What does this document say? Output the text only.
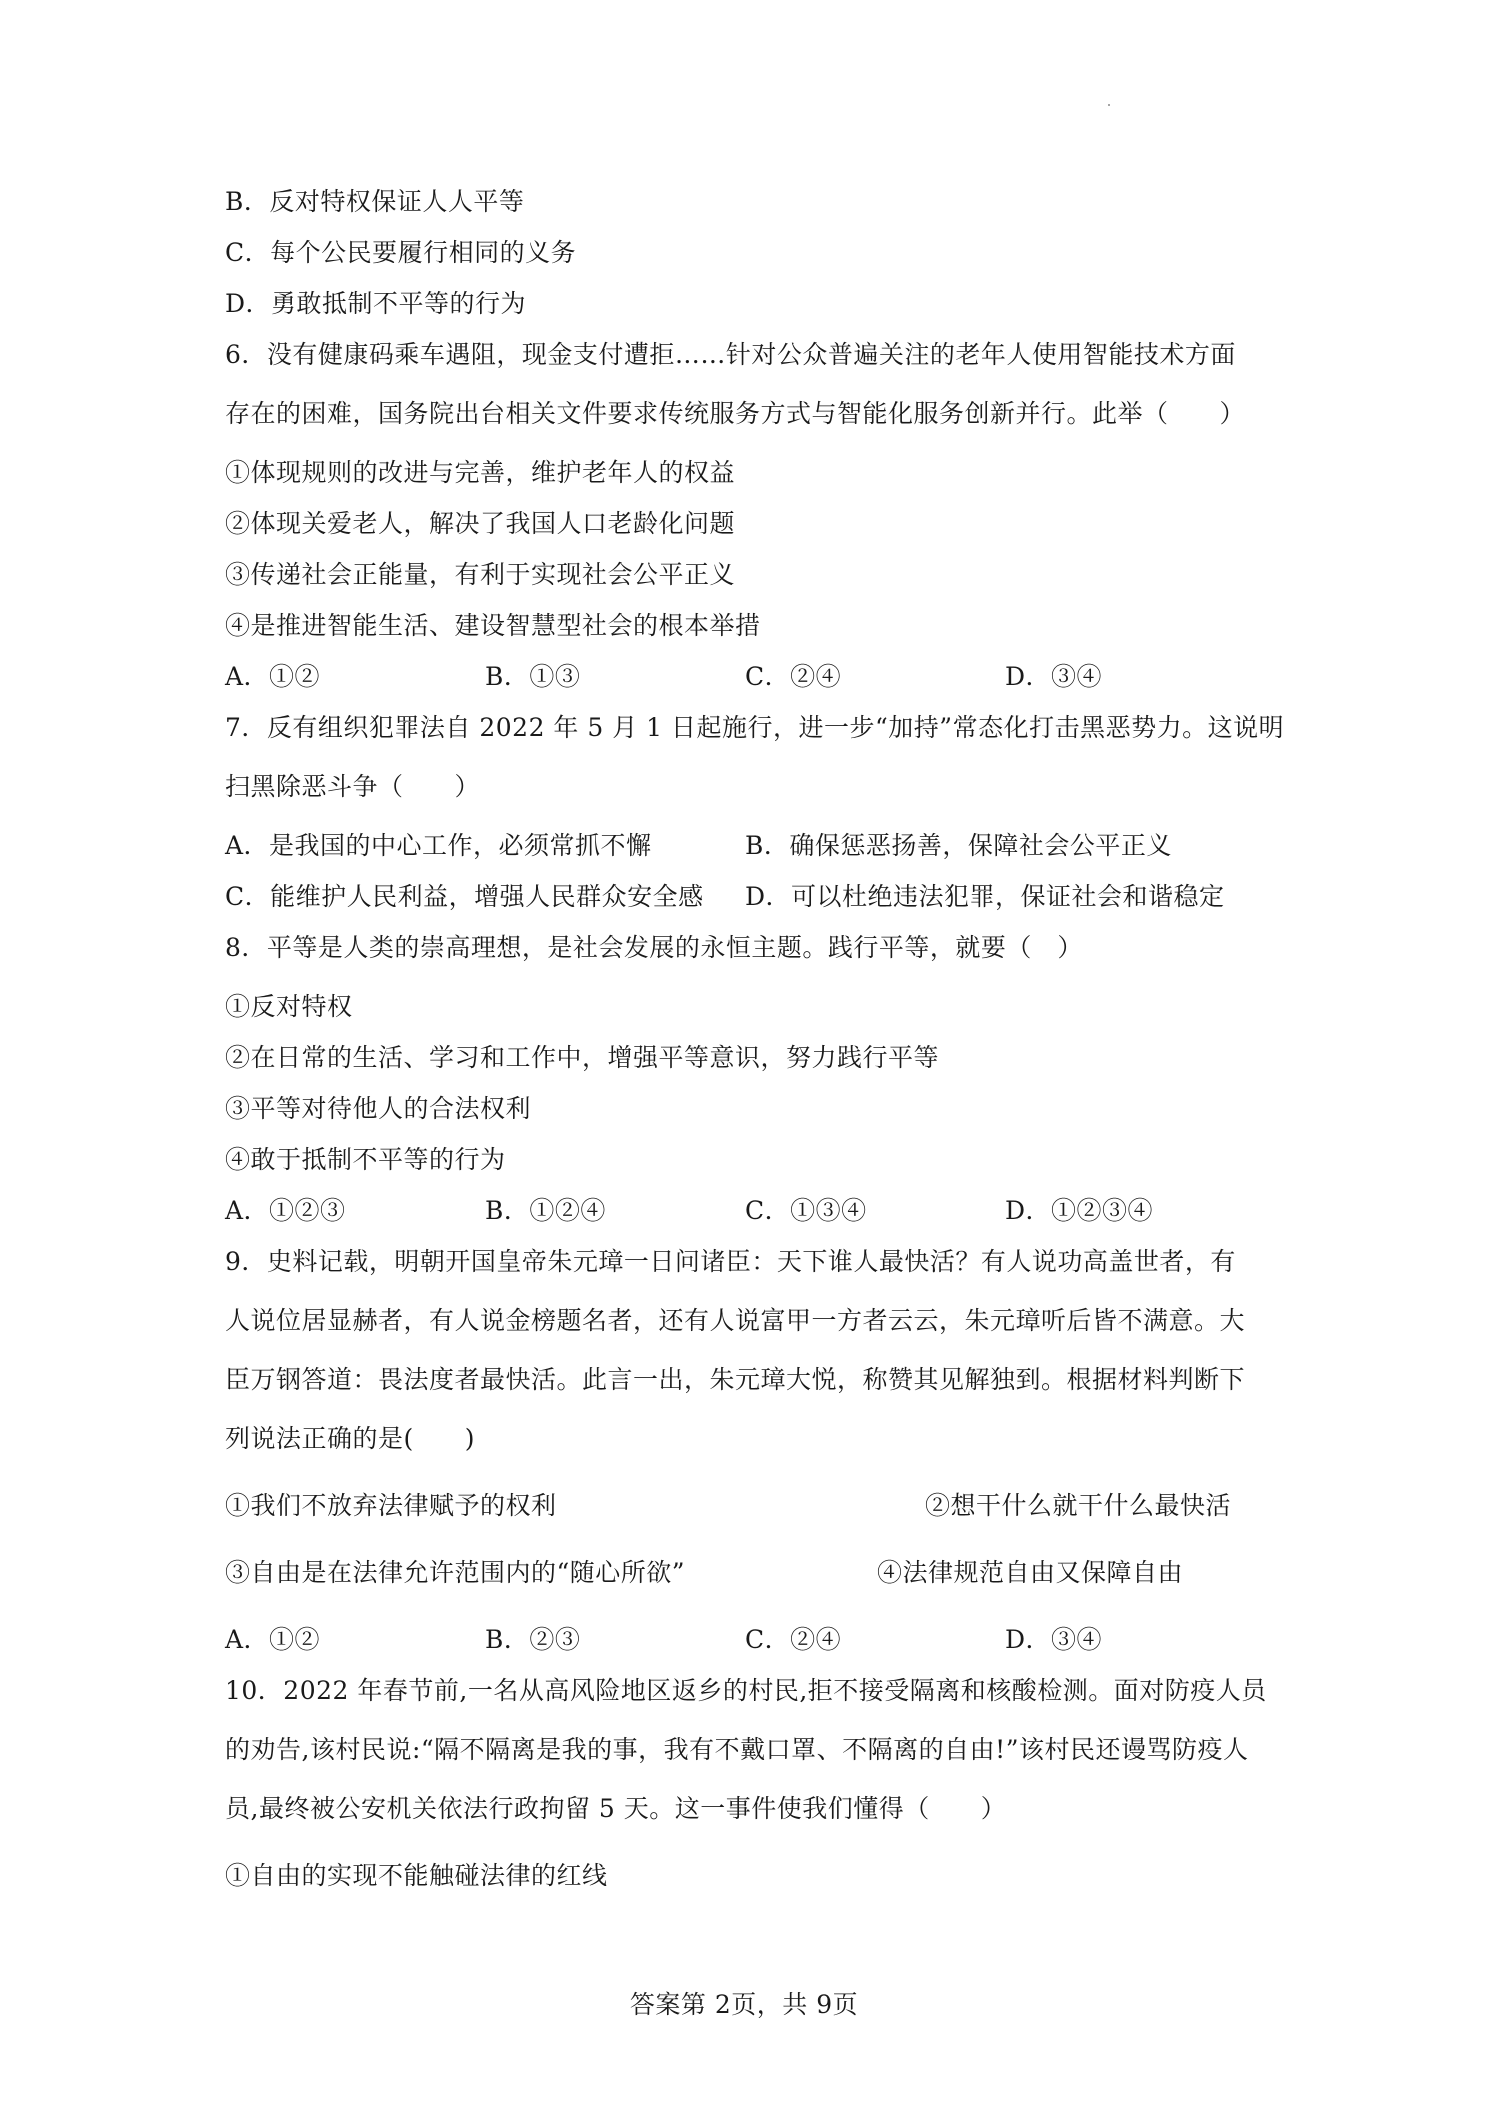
B．反对特权保证人人平等
C．每个公民要履行相同的义务
D．勇敢抵制不平等的行为
6．没有健康码乘车遇阻，现金支付遭拒……针对公众普遍关注的老年人使用智能技术方面
存在的困难，国务院出台相关文件要求传统服务方式与智能化服务创新并行。此举（　　）
①体现规则的改进与完善，维护老年人的权益
②体现关爱老人，解决了我国人口老龄化问题
③传递社会正能量，有利于实现社会公平正义
④是推进智能生活、建设智慧型社会的根本举措
A．①②	B．①③	C．②④	D．③④
7．反有组织犯罪法自 2022 年 5 月 1 日起施行，进一步“加持”常态化打击黑恶势力。这说明
扫黑除恶斗争（　　）
A．是我国的中心工作，必须常抓不懈	B．确保惩恶扬善，保障社会公平正义
C．能维护人民利益，增强人民群众安全感	D．可以杜绝违法犯罪，保证社会和谐稳定
8．平等是人类的崇高理想，是社会发展的永恒主题。践行平等，就要（　）
①反对特权
②在日常的生活、学习和工作中，增强平等意识，努力践行平等
③平等对待他人的合法权利
④敢于抵制不平等的行为
A．①②③	B．①②④	C．①③④	D．①②③④
9．史料记载，明朝开国皇帝朱元璋一日问诸臣：天下谁人最快活？有人说功高盖世者，有
人说位居显赫者，有人说金榜题名者，还有人说富甲一方者云云，朱元璋听后皆不满意。大
臣万钢答道：畏法度者最快活。此言一出，朱元璋大悦，称赞其见解独到。根据材料判断下
列说法正确的是(　　)
①我们不放弃法律赋予的权利	②想干什么就干什么最快活
③自由是在法律允许范围内的“随心所欲”	④法律规范自由又保障自由
A．①②	B．②③	C．②④	D．③④
10．2022 年春节前,一名从高风险地区返乡的村民,拒不接受隔离和核酸检测。面对防疫人员
的劝告,该村民说:“隔不隔离是我的事，我有不戴口罩、不隔离的自由!”该村民还谩骂防疫人
员,最终被公安机关依法行政拘留 5 天。这一事件使我们懂得（　　）
①自由的实现不能触碰法律的红线
答案第 2页，共 9页
